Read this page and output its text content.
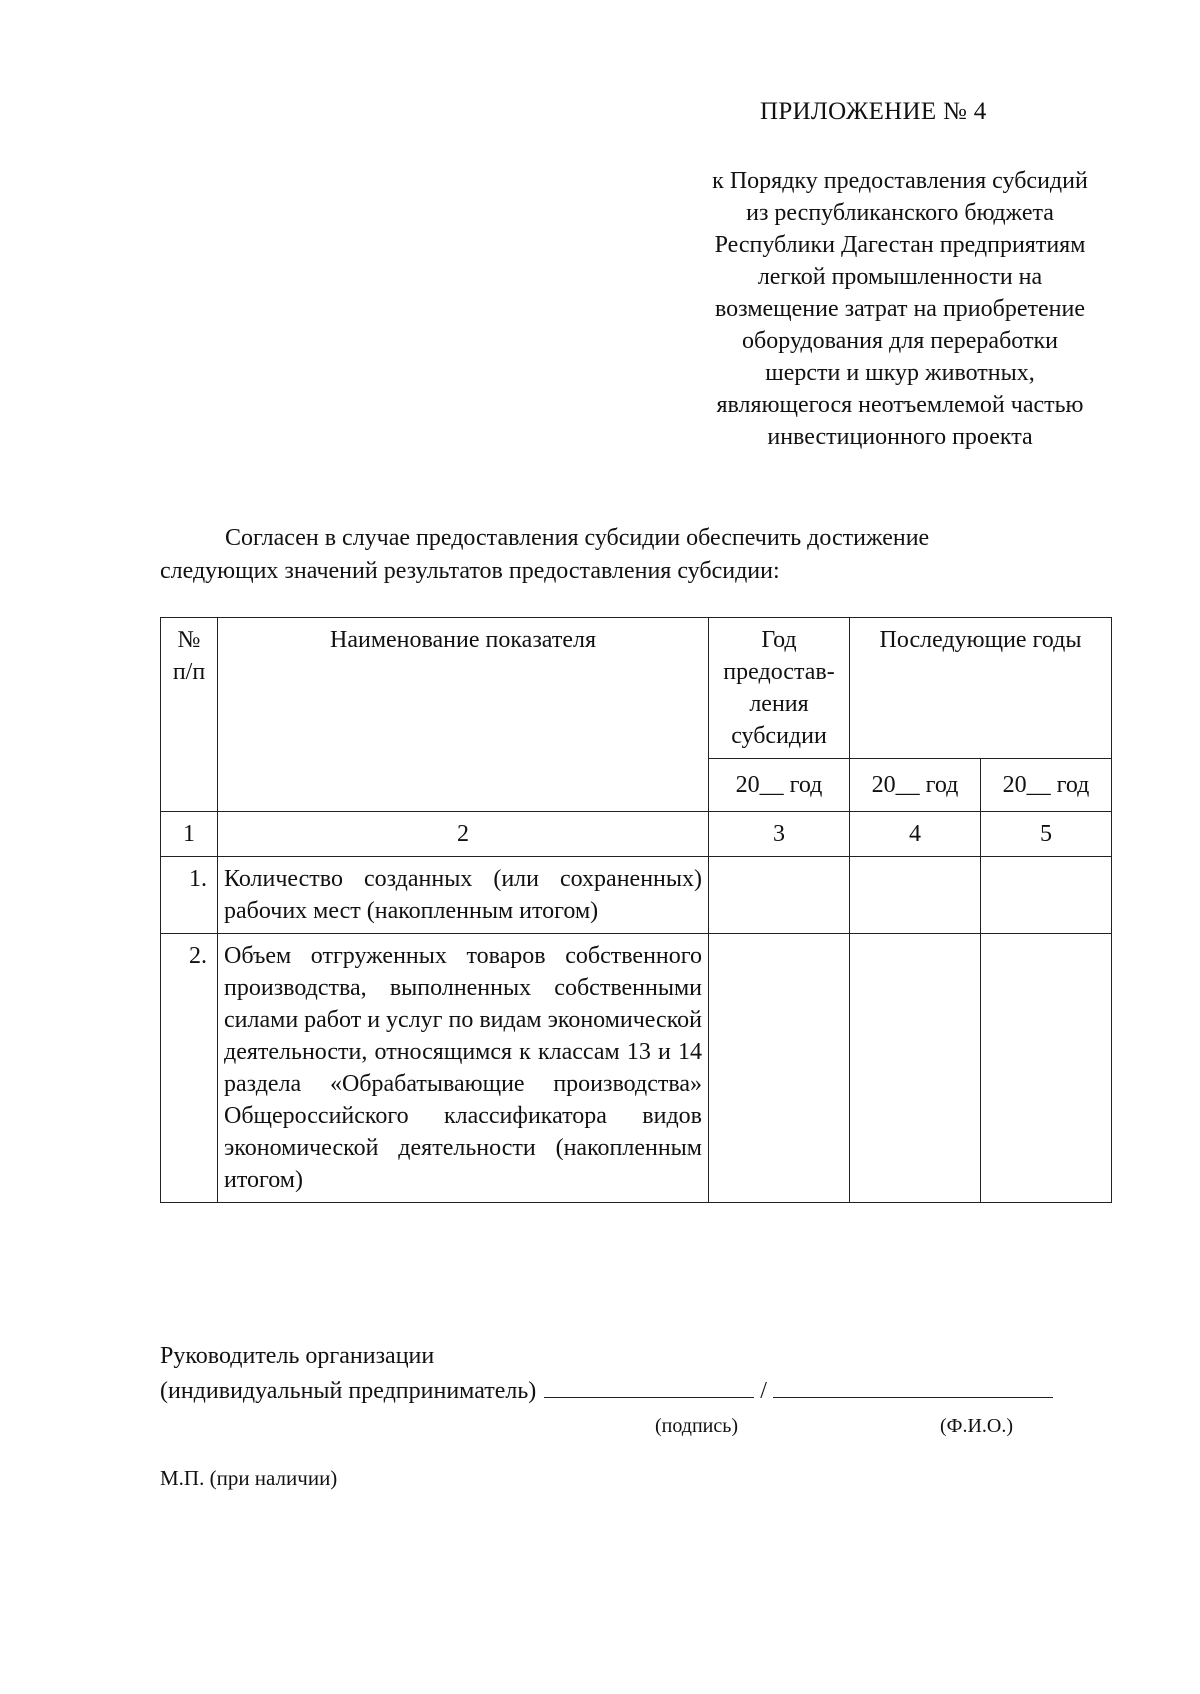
ПРИЛОЖЕНИЕ № 4
к Порядку предоставления субсидий
из республиканского бюджета
Республики Дагестан предприятиям
легкой промышленности на
возмещение затрат на приобретение
оборудования для переработки
шерсти и шкур животных,
являющегося неотъемлемой частью
инвестиционного проекта
Согласен в случае предоставления субсидии обеспечить достижение
следующих значений результатов предоставления субсидии:
№ п/п	Наименование показателя	Год предостав-ления субсидии	Последующие годы	
		20__ год	20__ год	20__ год
1	2	3	4	5
1.	Количество созданных (или сохраненных) рабочих мест (накопленным итогом)			
2.	Объем отгруженных товаров собственного производства, выполненных собственными силами работ и услуг по видам экономической деятельности, относящимся к классам 13 и 14 раздела «Обрабатывающие производства» Общероссийского классификатора видов экономической деятельности (накопленным итогом)			
Руководитель организации
(индивидуальный предприниматель)	/
(подпись)	(Ф.И.О.)
М.П. (при наличии)
